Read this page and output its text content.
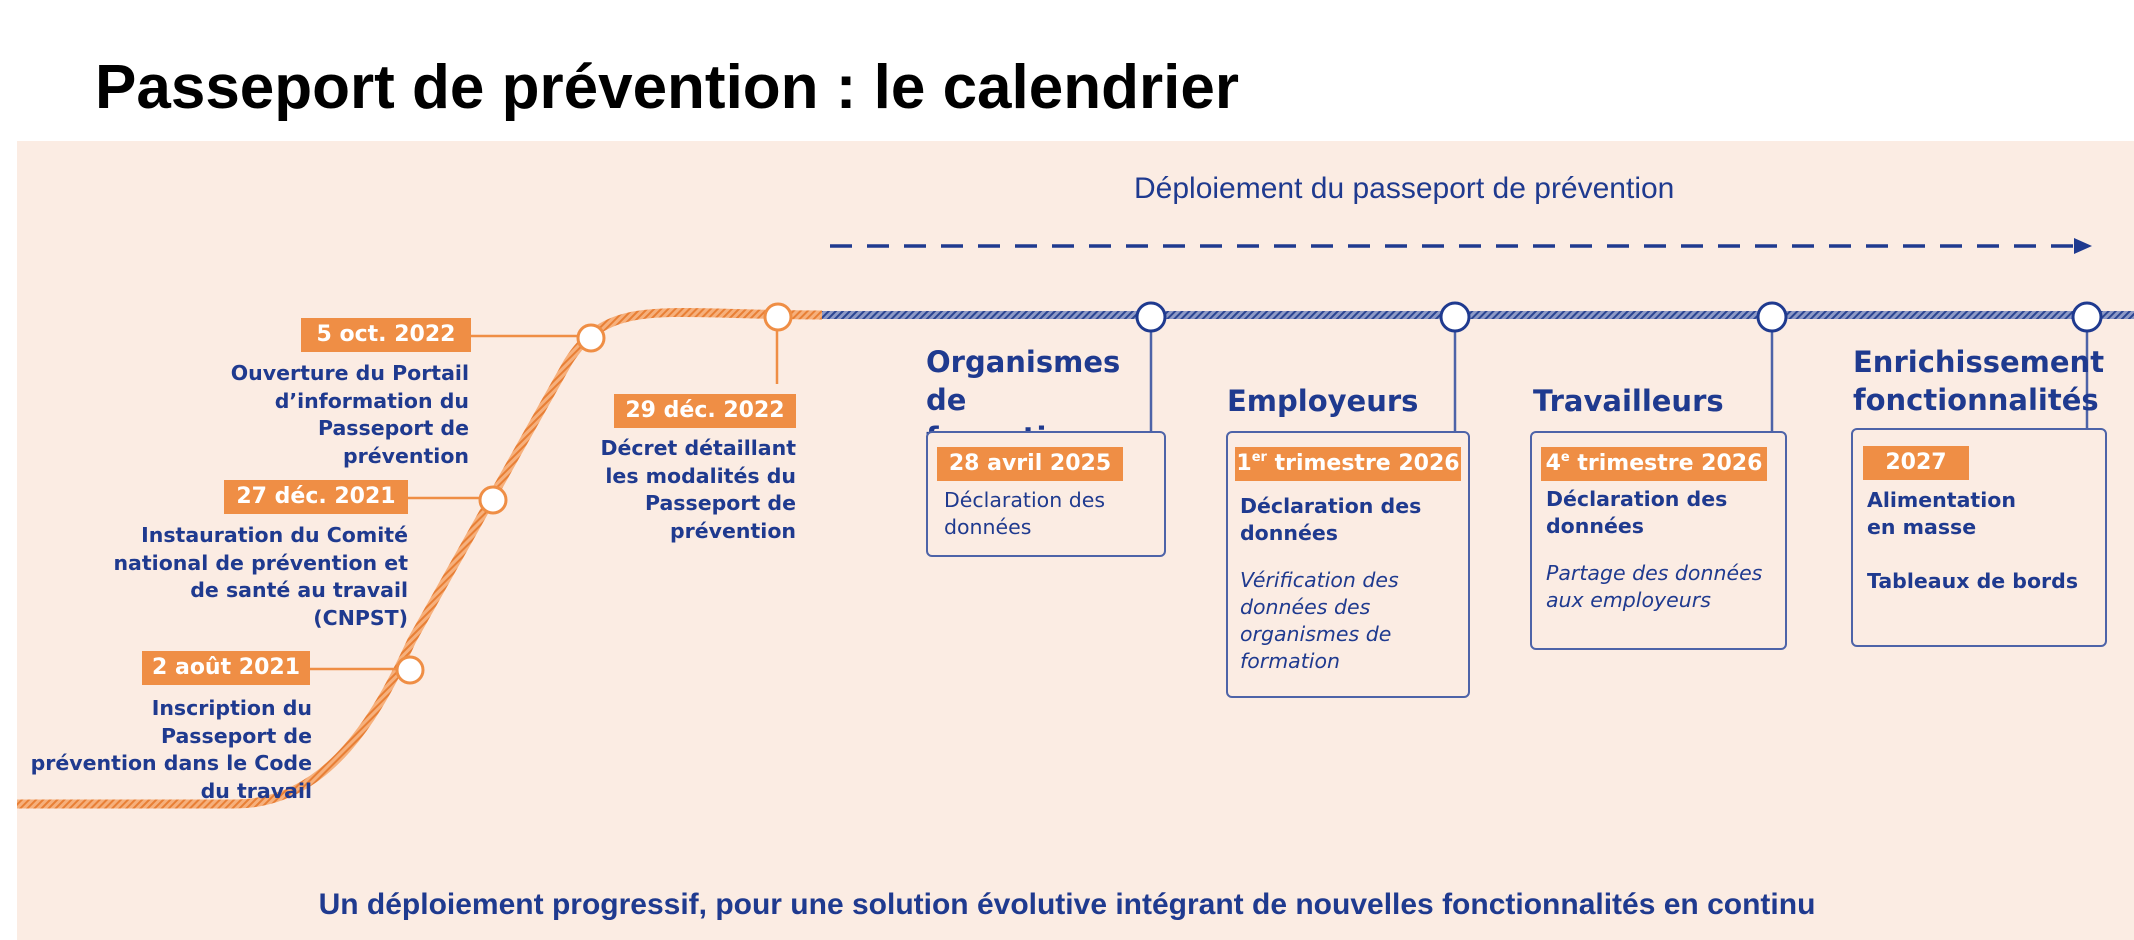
Passeport de prévention : le calendrier
Déploiement du passeport de prévention
2 août 2021
Inscription du Passeport de prévention dans le Code du travail
27 déc. 2021
Instauration du Comité national de prévention et de santé au travail (CNPST)
5 oct. 2022
Ouverture du Portail d’information du Passeport de prévention
29 déc. 2022
Décret détaillant les modalités du Passeport de prévention
Organismes de
28 avril 2025
Déclaration des données
Employeurs
1er trimestre 2026
Déclaration des données
Vérification des données des organismes de formation
Travailleurs
4e trimestre 2026
Déclaration des données
Partage des données aux employeurs
Enrichissement fonctionnalités
2027
Alimentation en masse
Tableaux de bords
Un déploiement progressif, pour une solution évolutive intégrant de nouvelles fonctionnalités en continu
